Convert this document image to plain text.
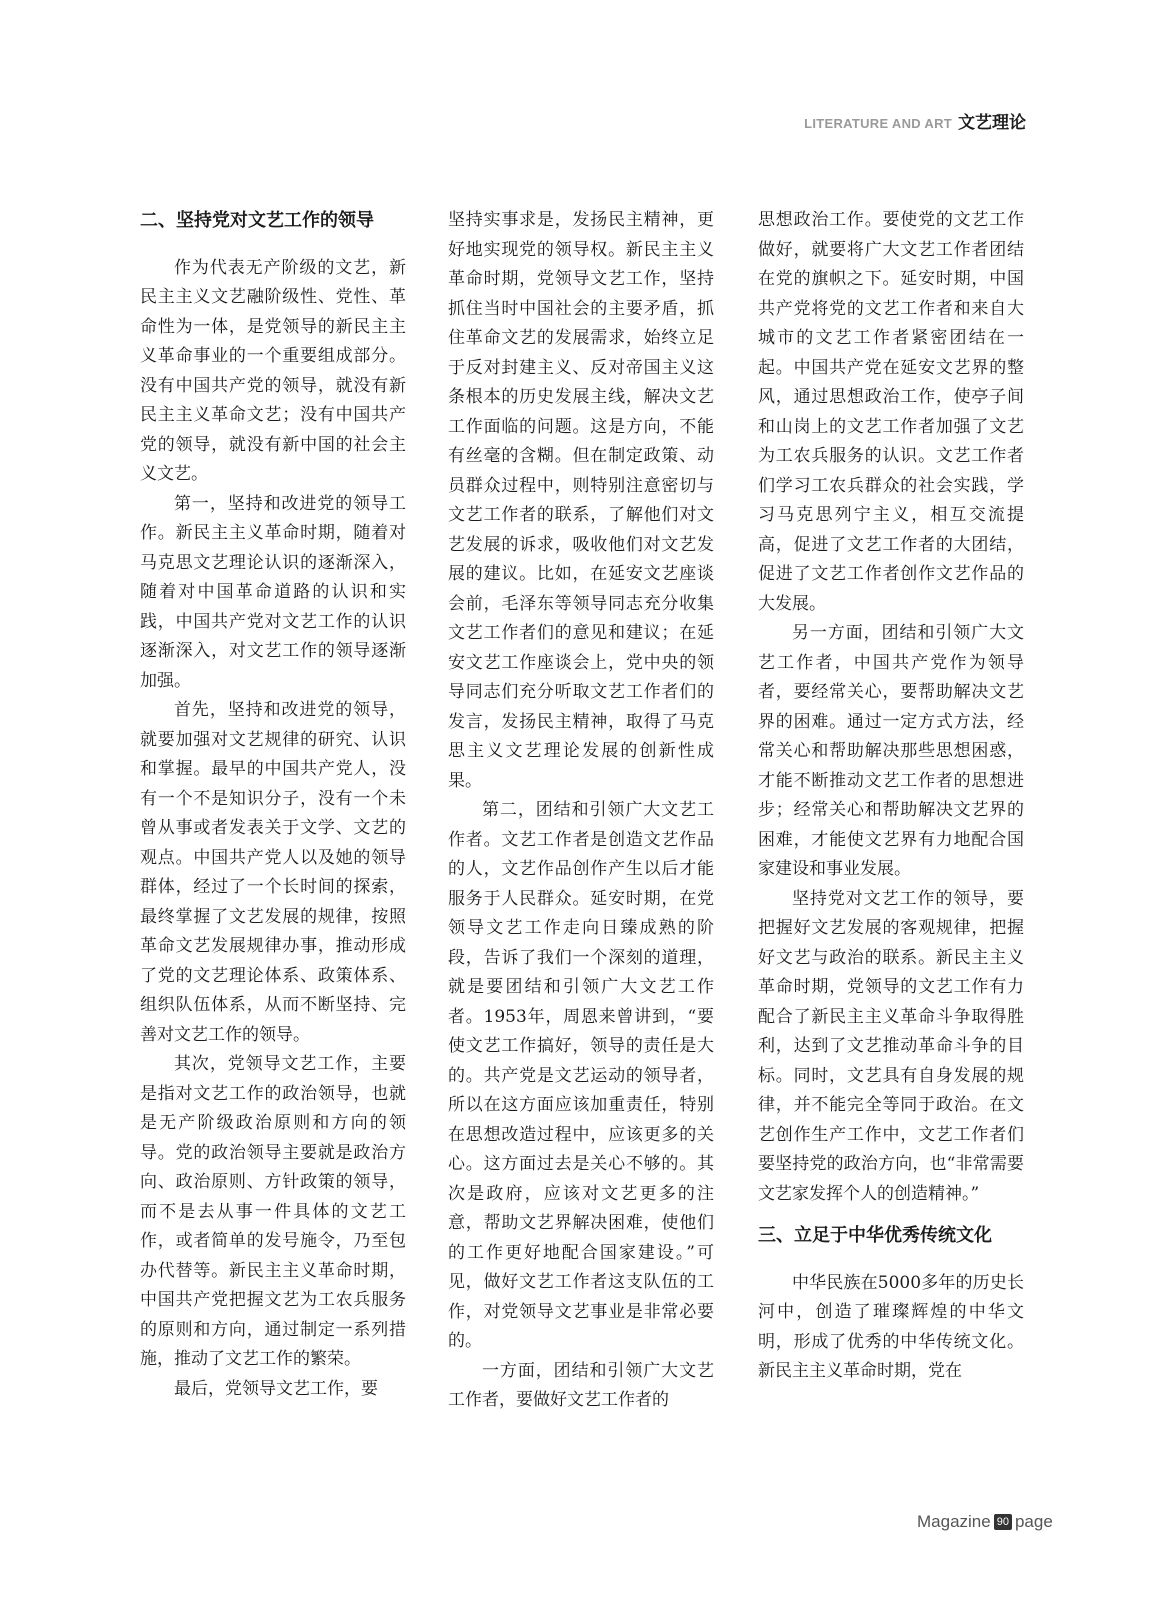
LITERATURE AND ART 文艺理论
二、坚持党对文艺工作的领导

作为代表无产阶级的文艺，新民主主义文艺融阶级性、党性、革命性为一体，是党领导的新民主主义革命事业的一个重要组成部分。没有中国共产党的领导，就没有新民主主义革命文艺；没有中国共产党的领导，就没有新中国的社会主义文艺。

第一，坚持和改进党的领导工作。新民主主义革命时期，随着对马克思文艺理论认识的逐渐深入，随着对中国革命道路的认识和实践，中国共产党对文艺工作的认识逐渐深入，对文艺工作的领导逐渐加强。

首先，坚持和改进党的领导，就要加强对文艺规律的研究、认识和掌握。最早的中国共产党人，没有一个不是知识分子，没有一个未曾从事或者发表关于文学、文艺的观点。中国共产党人以及她的领导群体，经过了一个长时间的探索，最终掌握了文艺发展的规律，按照革命文艺发展规律办事，推动形成了党的文艺理论体系、政策体系、组织队伍体系，从而不断坚持、完善对文艺工作的领导。

其次，党领导文艺工作，主要是指对文艺工作的政治领导，也就是无产阶级政治原则和方向的领导。党的政治领导主要就是政治方向、政治原则、方针政策的领导，而不是去从事一件具体的文艺工作，或者简单的发号施令，乃至包办代替等。新民主主义革命时期，中国共产党把握文艺为工农兵服务的原则和方向，通过制定一系列措施，推动了文艺工作的繁荣。

最后，党领导文艺工作，要

坚持实事求是，发扬民主精神，更好地实现党的领导权。新民主主义革命时期，党领导文艺工作，坚持抓住当时中国社会的主要矛盾，抓住革命文艺的发展需求，始终立足于反对封建主义、反对帝国主义这条根本的历史发展主线，解决文艺工作面临的问题。这是方向，不能有丝毫的含糊。但在制定政策、动员群众过程中，则特别注意密切与文艺工作者的联系，了解他们对文艺发展的诉求，吸收他们对文艺发展的建议。比如，在延安文艺座谈会前，毛泽东等领导同志充分收集文艺工作者们的意见和建议；在延安文艺工作座谈会上，党中央的领导同志们充分听取文艺工作者们的发言，发扬民主精神，取得了马克思主义文艺理论发展的创新性成果。

第二，团结和引领广大文艺工作者。文艺工作者是创造文艺作品的人，文艺作品创作产生以后才能服务于人民群众。延安时期，在党领导文艺工作走向日臻成熟的阶段，告诉了我们一个深刻的道理，就是要团结和引领广大文艺工作者。1953年，周恩来曾讲到，“要使文艺工作搞好，领导的责任是大的。共产党是文艺运动的领导者，所以在这方面应该加重责任，特别在思想改造过程中，应该更多的关心。这方面过去是关心不够的。其次是政府，应该对文艺更多的注意，帮助文艺界解决困难，使他们的工作更好地配合国家建设。”可见，做好文艺工作者这支队伍的工作，对党领导文艺事业是非常必要的。

一方面，团结和引领广大文艺工作者，要做好文艺工作者的

思想政治工作。要使党的文艺工作做好，就要将广大文艺工作者团结在党的旗帜之下。延安时期，中国共产党将党的文艺工作者和来自大城市的文艺工作者紧密团结在一起。中国共产党在延安文艺界的整风，通过思想政治工作，使亭子间和山岗上的文艺工作者加强了文艺为工农兵服务的认识。文艺工作者们学习工农兵群众的社会实践，学习马克思列宁主义，相互交流提高，促进了文艺工作者的大团结，促进了文艺工作者创作文艺作品的大发展。

另一方面，团结和引领广大文艺工作者，中国共产党作为领导者，要经常关心，要帮助解决文艺界的困难。通过一定方式方法，经常关心和帮助解决那些思想困惑，才能不断推动文艺工作者的思想进步；经常关心和帮助解决文艺界的困难，才能使文艺界有力地配合国家建设和事业发展。

坚持党对文艺工作的领导，要把握好文艺发展的客观规律，把握好文艺与政治的联系。新民主主义革命时期，党领导的文艺工作有力配合了新民主主义革命斗争取得胜利，达到了文艺推动革命斗争的目标。同时，文艺具有自身发展的规律，并不能完全等同于政治。在文艺创作生产工作中，文艺工作者们要坚持党的政治方向，也“非常需要文艺家发挥个人的创造精神。”

三、立足于中华优秀传统文化

中华民族在5000多年的历史长河中，创造了璀璨辉煌的中华文明，形成了优秀的中华传统文化。新民主主义革命时期，党在

Magazine 90 page
